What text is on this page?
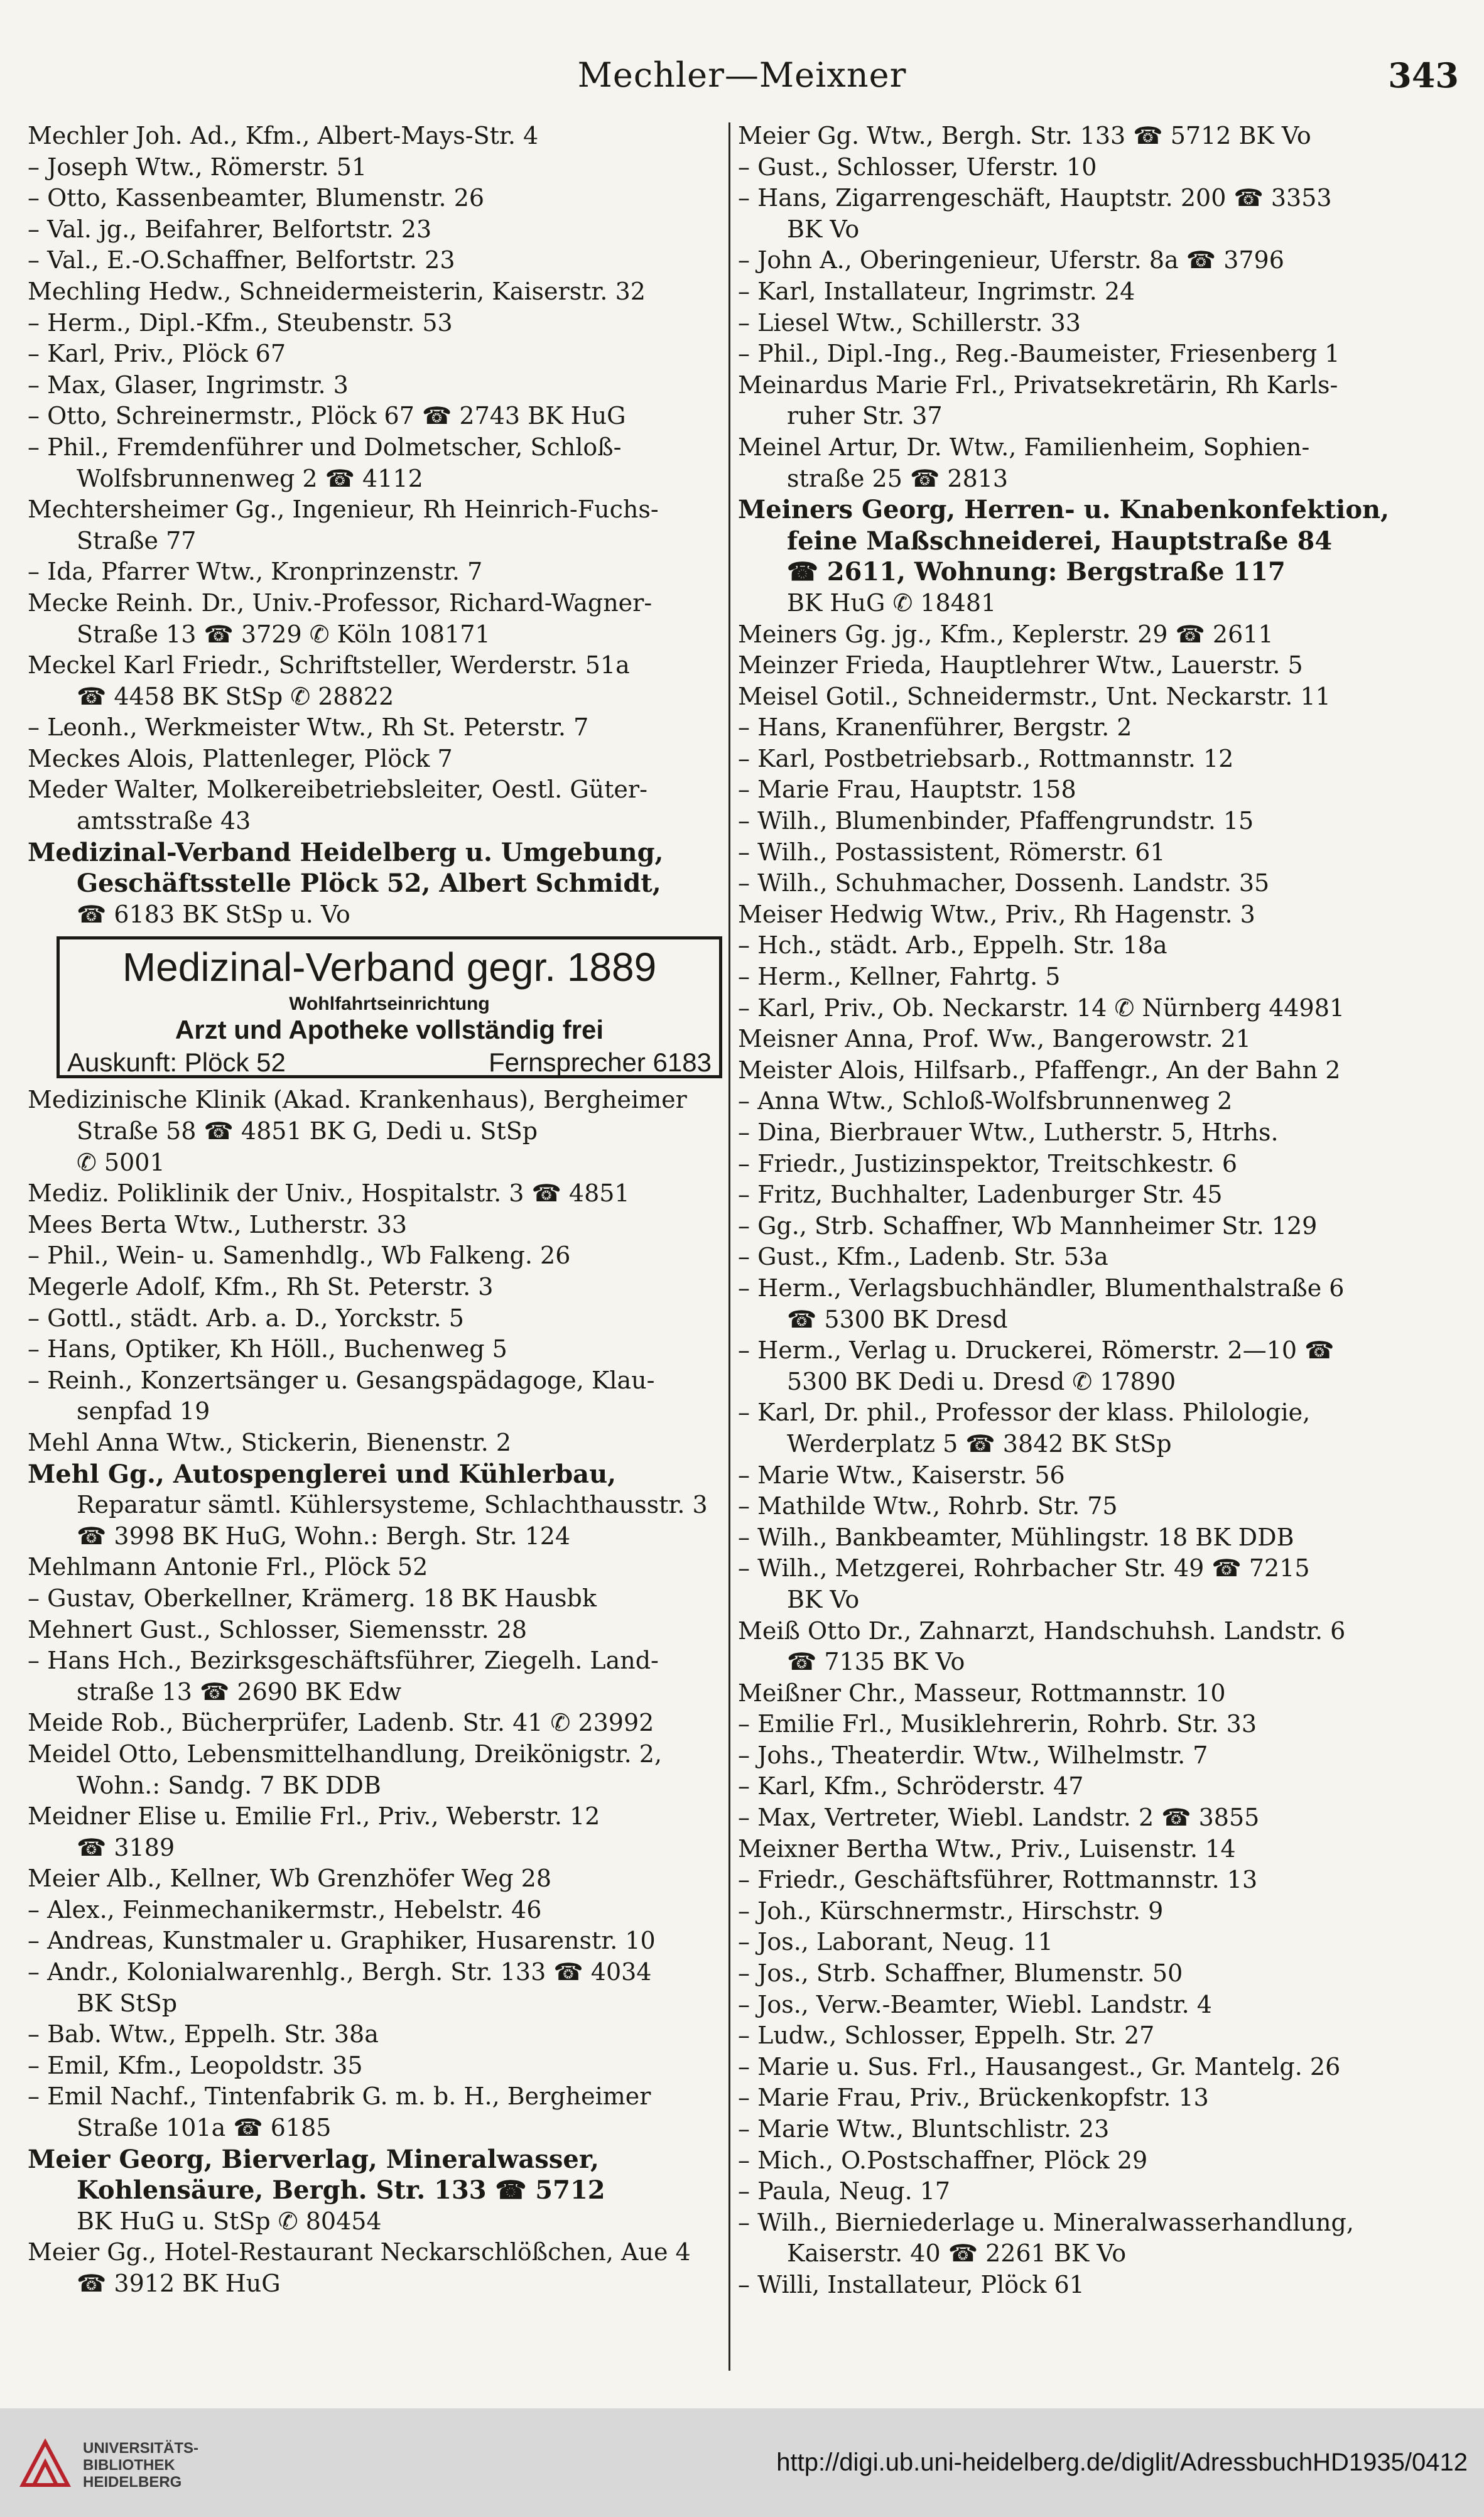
Mechler—Meixner	343
Mechler Joh. Ad., Kfm., Albert-Mays-Str. 4
– Joseph Wtw., Römerstr. 51
– Otto, Kassenbeamter, Blumenstr. 26
– Val. jg., Beifahrer, Belfortstr. 23
– Val., E.-O.Schaffner, Belfortstr. 23
Mechling Hedw., Schneidermeisterin, Kaiserstr. 32
– Herm., Dipl.-Kfm., Steubenstr. 53
– Karl, Priv., Plöck 67
– Max, Glaser, Ingrimstr. 3
– Otto, Schreinermstr., Plöck 67 ☎ 2743 BK HuG
– Phil., Fremdenführer und Dolmetscher, Schloß-
Wolfsbrunnenweg 2 ☎ 4112
Mechtersheimer Gg., Ingenieur, Rh Heinrich-Fuchs-
Straße 77
– Ida, Pfarrer Wtw., Kronprinzenstr. 7
Mecke Reinh. Dr., Univ.-Professor, Richard-Wagner-
Straße 13 ☎ 3729 ✆ Köln 108171
Meckel Karl Friedr., Schriftsteller, Werderstr. 51a
☎ 4458 BK StSp ✆ 28822
– Leonh., Werkmeister Wtw., Rh St. Peterstr. 7
Meckes Alois, Plattenleger, Plöck 7
Meder Walter, Molkereibetriebsleiter, Oestl. Güter-
amtsstraße 43
Medizinal-Verband Heidelberg u. Umgebung,
Geschäftsstelle Plöck 52, Albert Schmidt,
☎ 6183 BK StSp u. Vo
Medizinal-Verband gegr. 1889
Wohlfahrtseinrichtung
Arzt und Apotheke vollständig frei
Auskunft: Plöck 52	Fernsprecher 6183
Medizinische Klinik (Akad. Krankenhaus), Bergheimer
Straße 58 ☎ 4851 BK G, Dedi u. StSp
✆ 5001
Mediz. Poliklinik der Univ., Hospitalstr. 3 ☎ 4851
Mees Berta Wtw., Lutherstr. 33
– Phil., Wein- u. Samenhdlg., Wb Falkeng. 26
Megerle Adolf, Kfm., Rh St. Peterstr. 3
– Gottl., städt. Arb. a. D., Yorckstr. 5
– Hans, Optiker, Kh Höll., Buchenweg 5
– Reinh., Konzertsänger u. Gesangspädagoge, Klau-
senpfad 19
Mehl Anna Wtw., Stickerin, Bienenstr. 2
Mehl Gg., Autospenglerei und Kühlerbau,
Reparatur sämtl. Kühlersysteme, Schlachthausstr. 3
☎ 3998 BK HuG, Wohn.: Bergh. Str. 124
Mehlmann Antonie Frl., Plöck 52
– Gustav, Oberkellner, Krämerg. 18 BK Hausbk
Mehnert Gust., Schlosser, Siemensstr. 28
– Hans Hch., Bezirksgeschäftsführer, Ziegelh. Land-
straße 13 ☎ 2690 BK Edw
Meide Rob., Bücherprüfer, Ladenb. Str. 41 ✆ 23992
Meidel Otto, Lebensmittelhandlung, Dreikönigstr. 2,
Wohn.: Sandg. 7 BK DDB
Meidner Elise u. Emilie Frl., Priv., Weberstr. 12
☎ 3189
Meier Alb., Kellner, Wb Grenzhöfer Weg 28
– Alex., Feinmechanikermstr., Hebelstr. 46
– Andreas, Kunstmaler u. Graphiker, Husarenstr. 10
– Andr., Kolonialwarenhlg., Bergh. Str. 133 ☎ 4034
BK StSp
– Bab. Wtw., Eppelh. Str. 38a
– Emil, Kfm., Leopoldstr. 35
– Emil Nachf., Tintenfabrik G. m. b. H., Bergheimer
Straße 101a ☎ 6185
Meier Georg, Bierverlag, Mineralwasser,
Kohlensäure, Bergh. Str. 133 ☎ 5712
BK HuG u. StSp ✆ 80454
Meier Gg., Hotel-Restaurant Neckarschlößchen, Aue 4
☎ 3912 BK HuG
Meier Gg. Wtw., Bergh. Str. 133 ☎ 5712 BK Vo
– Gust., Schlosser, Uferstr. 10
– Hans, Zigarrengeschäft, Hauptstr. 200 ☎ 3353
BK Vo
– John A., Oberingenieur, Uferstr. 8a ☎ 3796
– Karl, Installateur, Ingrimstr. 24
– Liesel Wtw., Schillerstr. 33
– Phil., Dipl.-Ing., Reg.-Baumeister, Friesenberg 1
Meinardus Marie Frl., Privatsekretärin, Rh Karls-
ruher Str. 37
Meinel Artur, Dr. Wtw., Familienheim, Sophien-
straße 25 ☎ 2813
Meiners Georg, Herren- u. Knabenkonfektion,
feine Maßschneiderei, Hauptstraße 84
☎ 2611, Wohnung: Bergstraße 117
BK HuG ✆ 18481
Meiners Gg. jg., Kfm., Keplerstr. 29 ☎ 2611
Meinzer Frieda, Hauptlehrer Wtw., Lauerstr. 5
Meisel Gotil., Schneidermstr., Unt. Neckarstr. 11
– Hans, Kranenführer, Bergstr. 2
– Karl, Postbetriebsarb., Rottmannstr. 12
– Marie Frau, Hauptstr. 158
– Wilh., Blumenbinder, Pfaffengrundstr. 15
– Wilh., Postassistent, Römerstr. 61
– Wilh., Schuhmacher, Dossenh. Landstr. 35
Meiser Hedwig Wtw., Priv., Rh Hagenstr. 3
– Hch., städt. Arb., Eppelh. Str. 18a
– Herm., Kellner, Fahrtg. 5
– Karl, Priv., Ob. Neckarstr. 14 ✆ Nürnberg 44981
Meisner Anna, Prof. Ww., Bangerowstr. 21
Meister Alois, Hilfsarb., Pfaffengr., An der Bahn 2
– Anna Wtw., Schloß-Wolfsbrunnenweg 2
– Dina, Bierbrauer Wtw., Lutherstr. 5, Htrhs.
– Friedr., Justizinspektor, Treitschkestr. 6
– Fritz, Buchhalter, Ladenburger Str. 45
– Gg., Strb. Schaffner, Wb Mannheimer Str. 129
– Gust., Kfm., Ladenb. Str. 53a
– Herm., Verlagsbuchhändler, Blumenthalstraße 6
☎ 5300 BK Dresd
– Herm., Verlag u. Druckerei, Römerstr. 2—10 ☎
5300 BK Dedi u. Dresd ✆ 17890
– Karl, Dr. phil., Professor der klass. Philologie,
Werderplatz 5 ☎ 3842 BK StSp
– Marie Wtw., Kaiserstr. 56
– Mathilde Wtw., Rohrb. Str. 75
– Wilh., Bankbeamter, Mühlingstr. 18 BK DDB
– Wilh., Metzgerei, Rohrbacher Str. 49 ☎ 7215
BK Vo
Meiß Otto Dr., Zahnarzt, Handschuhsh. Landstr. 6
☎ 7135 BK Vo
Meißner Chr., Masseur, Rottmannstr. 10
– Emilie Frl., Musiklehrerin, Rohrb. Str. 33
– Johs., Theaterdir. Wtw., Wilhelmstr. 7
– Karl, Kfm., Schröderstr. 47
– Max, Vertreter, Wiebl. Landstr. 2 ☎ 3855
Meixner Bertha Wtw., Priv., Luisenstr. 14
– Friedr., Geschäftsführer, Rottmannstr. 13
– Joh., Kürschnermstr., Hirschstr. 9
– Jos., Laborant, Neug. 11
– Jos., Strb. Schaffner, Blumenstr. 50
– Jos., Verw.-Beamter, Wiebl. Landstr. 4
– Ludw., Schlosser, Eppelh. Str. 27
– Marie u. Sus. Frl., Hausangest., Gr. Mantelg. 26
– Marie Frau, Priv., Brückenkopfstr. 13
– Marie Wtw., Bluntschlistr. 23
– Mich., O.Postschaffner, Plöck 29
– Paula, Neug. 17
– Wilh., Bierniederlage u. Mineralwasserhandlung,
Kaiserstr. 40 ☎ 2261 BK Vo
– Willi, Installateur, Plöck 61
UNIVERSITÄTS-
BIBLIOTHEK
HEIDELBERG
http://digi.ub.uni-heidelberg.de/diglit/AdressbuchHD1935/0412
